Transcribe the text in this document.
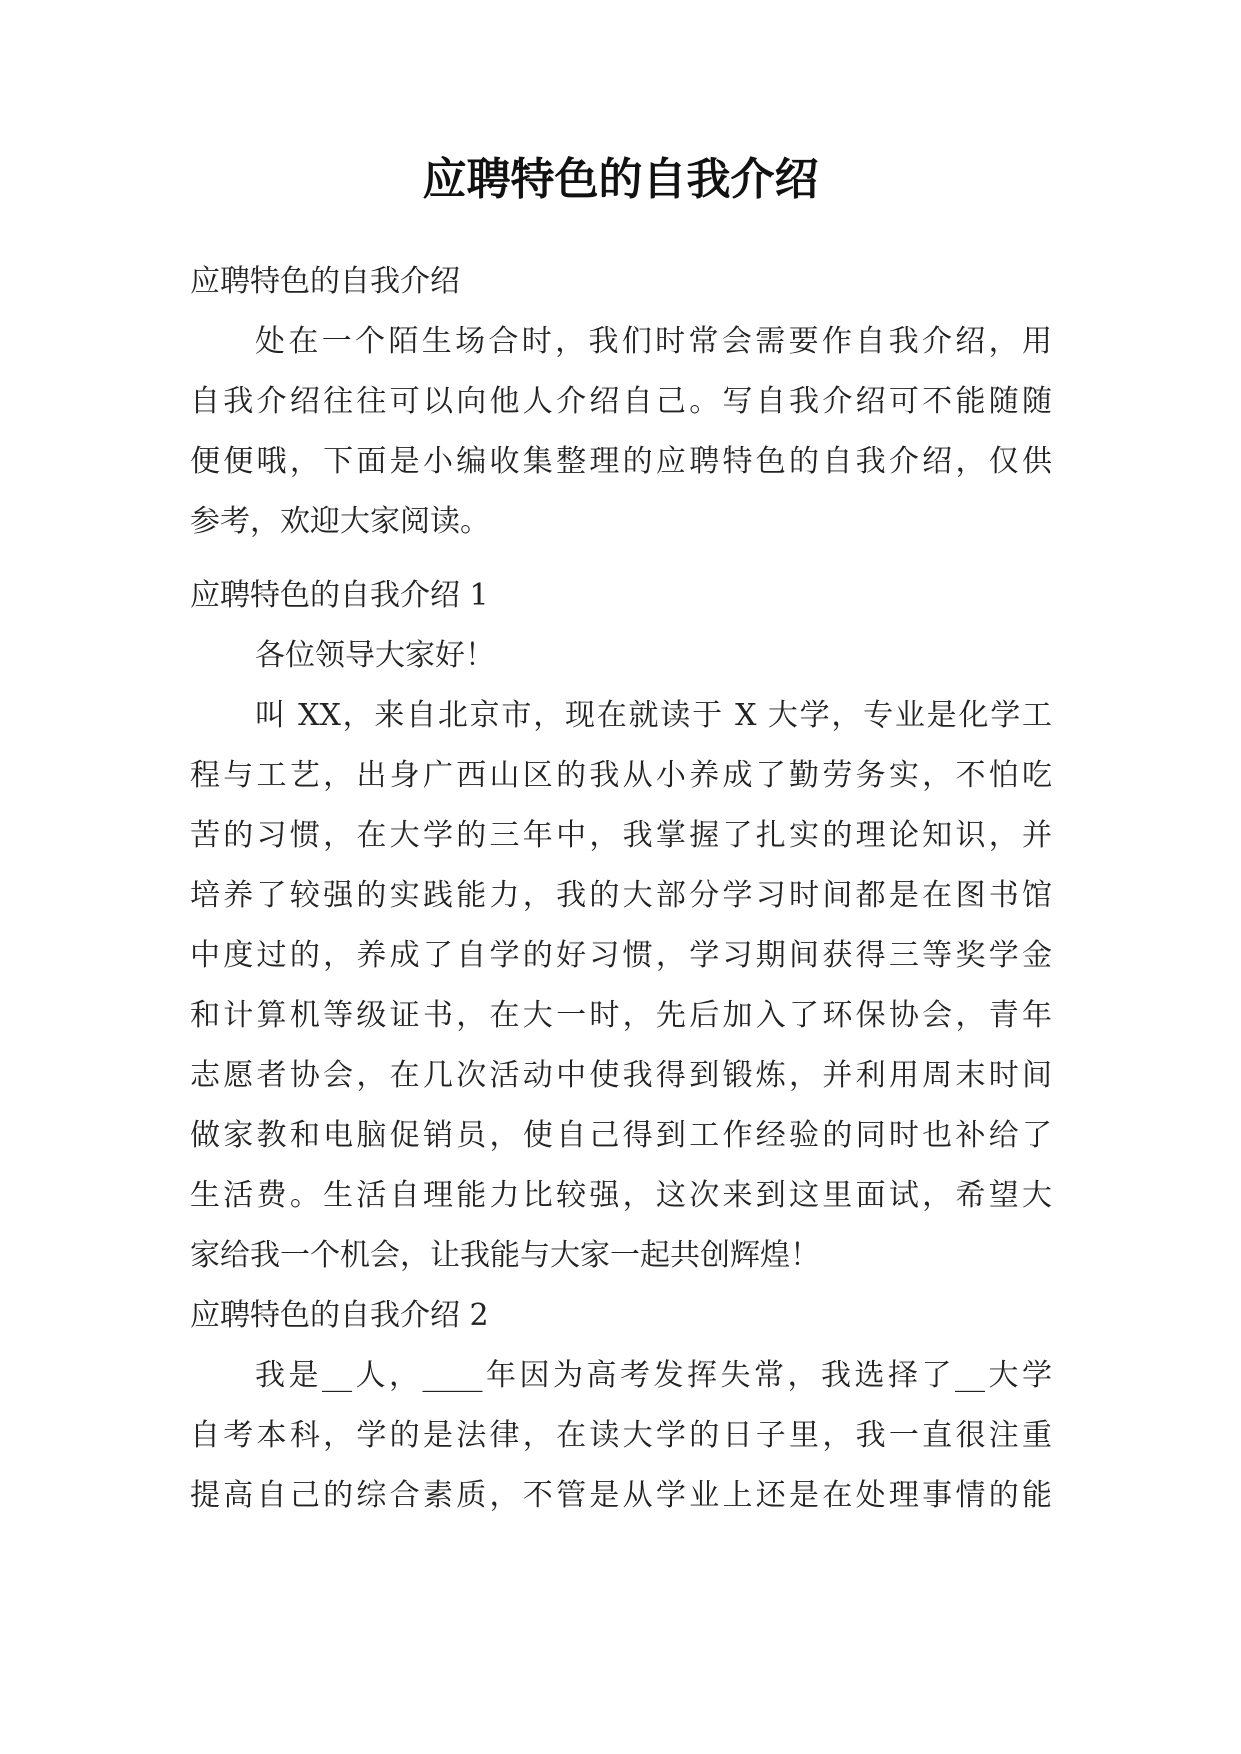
应聘特色的自我介绍
应聘特色的自我介绍
处在一个陌生场合时，我们时常会需要作自我介绍，用
自我介绍往往可以向他人介绍自己。写自我介绍可不能随随
便便哦，下面是小编收集整理的应聘特色的自我介绍，仅供
参考，欢迎大家阅读。
应聘特色的自我介绍 1
各位领导大家好！
叫 XX，来自北京市，现在就读于 X 大学，专业是化学工
程与工艺，出身广西山区的我从小养成了勤劳务实，不怕吃
苦的习惯，在大学的三年中，我掌握了扎实的理论知识，并
培养了较强的实践能力，我的大部分学习时间都是在图书馆
中度过的，养成了自学的好习惯，学习期间获得三等奖学金
和计算机等级证书，在大一时，先后加入了环保协会，青年
志愿者协会，在几次活动中使我得到锻炼，并利用周末时间
做家教和电脑促销员，使自己得到工作经验的同时也补给了
生活费。生活自理能力比较强，这次来到这里面试，希望大
家给我一个机会，让我能与大家一起共创辉煌！
应聘特色的自我介绍 2
我是__人，____年因为高考发挥失常，我选择了__大学
自考本科，学的是法律，在读大学的日子里，我一直很注重
提高自己的综合素质，不管是从学业上还是在处理事情的能
